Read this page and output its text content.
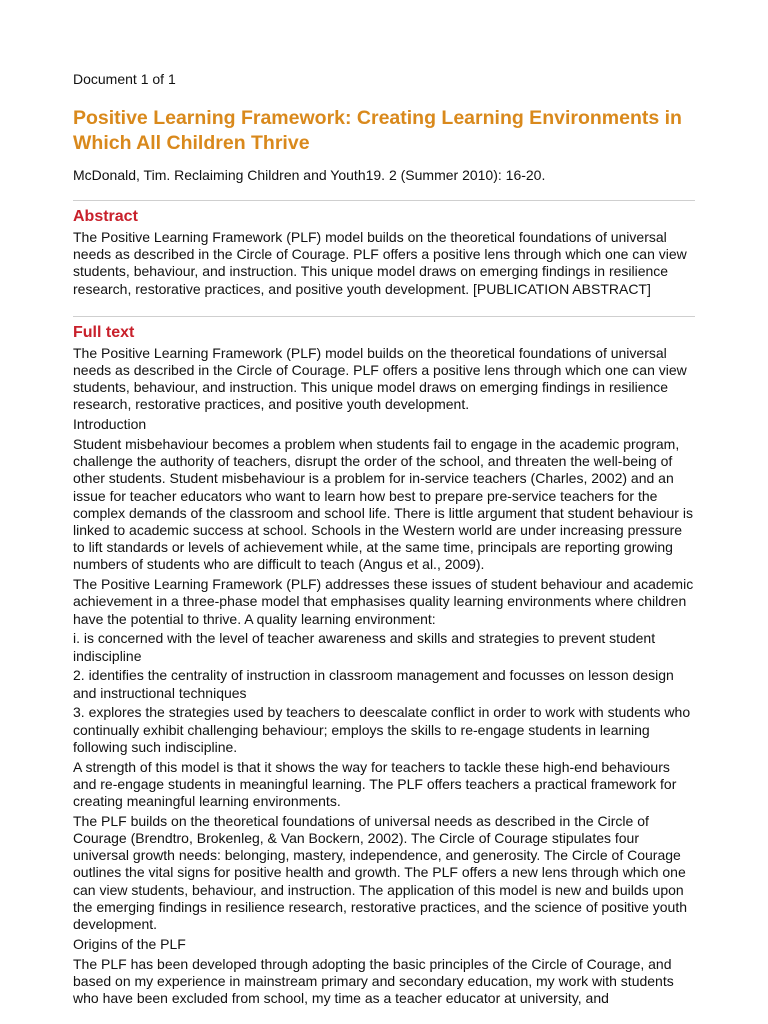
Document 1 of 1

Positive Learning Framework: Creating Learning Environments in Which All Children Thrive

McDonald, Tim. Reclaiming Children and Youth19. 2 (Summer 2010): 16-20.

Abstract

The Positive Learning Framework (PLF) model builds on the theoretical foundations of universal needs as described in the Circle of Courage. PLF offers a positive lens through which one can view students, behaviour, and instruction. This unique model draws on emerging findings in resilience research, restorative practices, and positive youth development. [PUBLICATION ABSTRACT]

Full text

The Positive Learning Framework (PLF) model builds on the theoretical foundations of universal needs as described in the Circle of Courage. PLF offers a positive lens through which one can view students, behaviour, and instruction. This unique model draws on emerging findings in resilience research, restorative practices, and positive youth development.

Introduction

Student misbehaviour becomes a problem when students fail to engage in the academic program, challenge the authority of teachers, disrupt the order of the school, and threaten the well-being of other students. Student misbehaviour is a problem for in-service teachers (Charles, 2002) and an issue for teacher educators who want to learn how best to prepare pre-service teachers for the complex demands of the classroom and school life. There is little argument that student behaviour is linked to academic success at school. Schools in the Western world are under increasing pressure to lift standards or levels of achievement while, at the same time, principals are reporting growing numbers of students who are difficult to teach (Angus et al., 2009).

The Positive Learning Framework (PLF) addresses these issues of student behaviour and academic achievement in a three-phase model that emphasises quality learning environments where children have the potential to thrive. A quality learning environment:

i. is concerned with the level of teacher awareness and skills and strategies to prevent student indiscipline

2. identifies the centrality of instruction in classroom management and focusses on lesson design and instructional techniques

3. explores the strategies used by teachers to deescalate conflict in order to work with students who continually exhibit challenging behaviour; employs the skills to re-engage students in learning following such indiscipline.

A strength of this model is that it shows the way for teachers to tackle these high-end behaviours and re-engage students in meaningful learning. The PLF offers teachers a practical framework for creating meaningful learning environments.

The PLF builds on the theoretical foundations of universal needs as described in the Circle of Courage (Brendtro, Brokenleg, & Van Bockern, 2002). The Circle of Courage stipulates four universal growth needs: belonging, mastery, independence, and generosity. The Circle of Courage outlines the vital signs for positive health and growth. The PLF offers a new lens through which one can view students, behaviour, and instruction. The application of this model is new and builds upon the emerging findings in resilience research, restorative practices, and the science of positive youth development.

Origins of the PLF

The PLF has been developed through adopting the basic principles of the Circle of Courage, and based on my experience in mainstream primary and secondary education, my work with students who have been excluded from school, my time as a teacher educator at university, and
